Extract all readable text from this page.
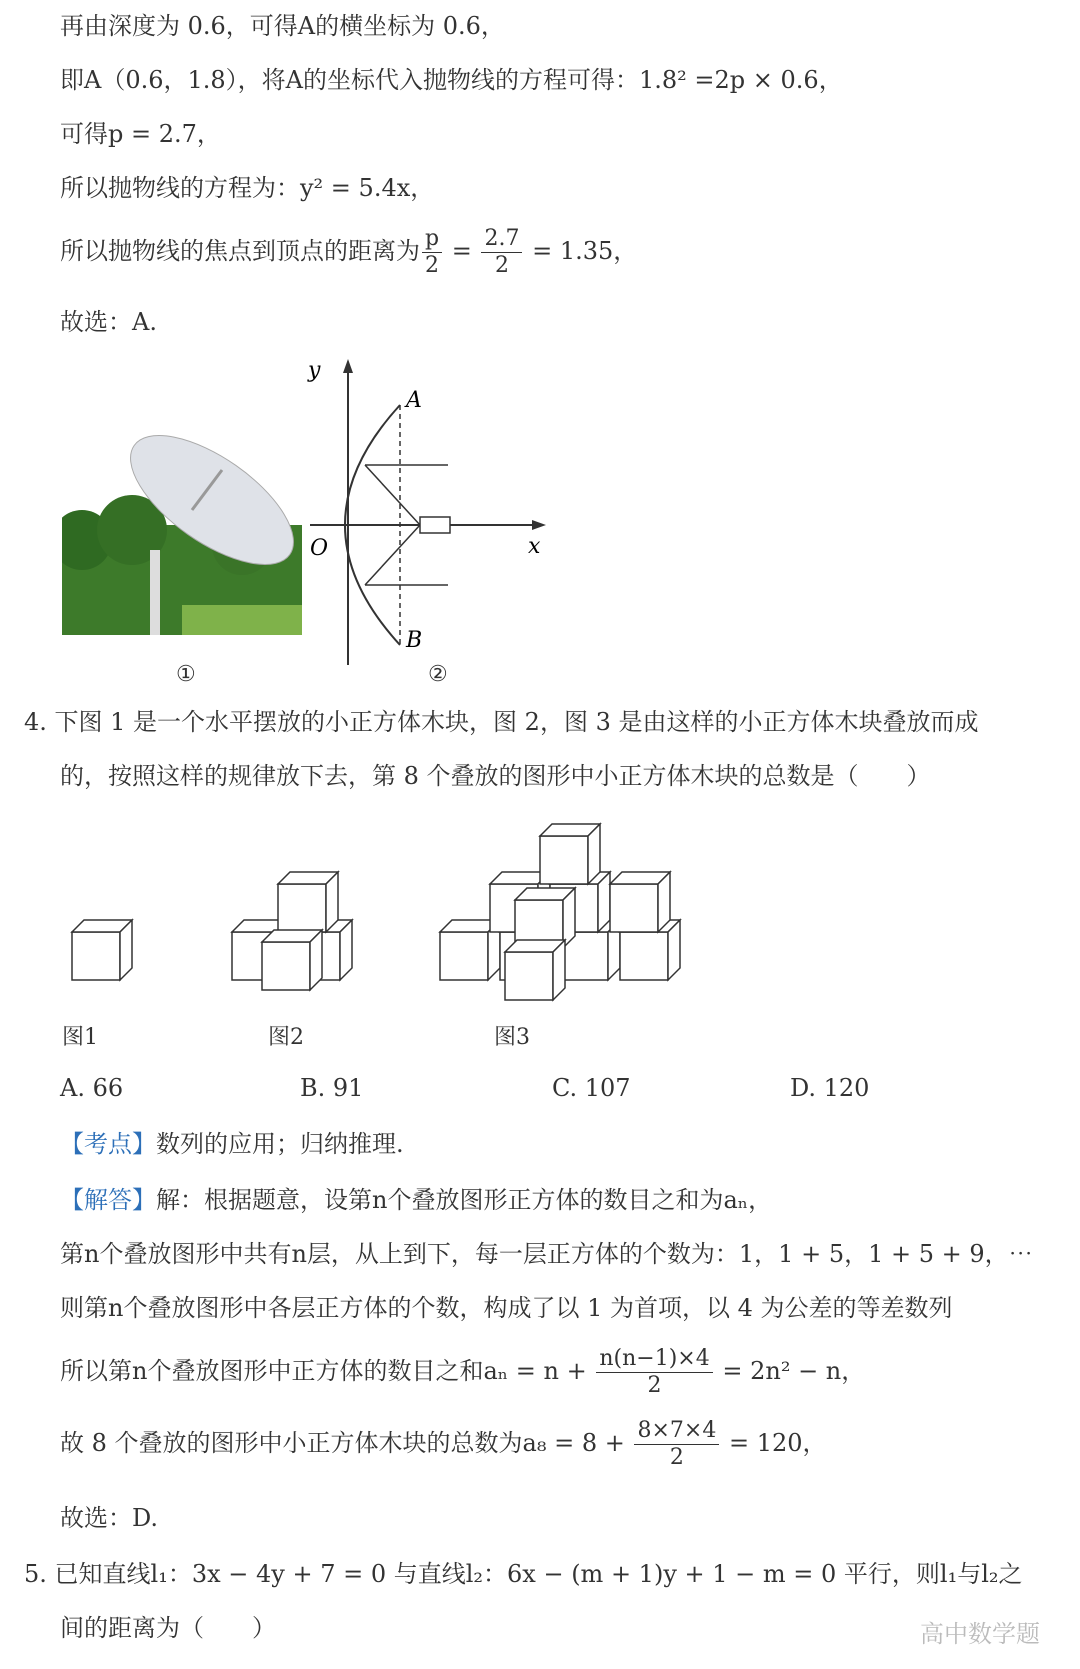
再由深度为 0.6，可得A的横坐标为 0.6，
即A（0.6，1.8），将A的坐标代入抛物线的方程可得：1.8² =2p × 0.6，
可得p = 2.7，
所以抛物线的方程为：y² = 5.4x，
所以抛物线的焦点到顶点的距离为 $\frac{p}{2} = \frac{2.7}{2} = 1.35$，
故选：A.
①
y
x
O
A
B
②
4. 下图 1 是一个水平摆放的小正方体木块，图 2，图 3 是由这样的小正方体木块叠放而成
的，按照这样的规律放下去，第 8 个叠放的图形中小正方体木块的总数是（　　）
图1	图2	图3
A. 66	B. 91	C. 107	D. 120
【考点】数列的应用；归纳推理.
【解答】解：根据题意，设第n个叠放图形正方体的数目之和为aₙ，
第n个叠放图形中共有n层，从上到下，每一层正方体的个数为：1，1 + 5，1 + 5 + 9，⋯
则第n个叠放图形中各层正方体的个数，构成了以 1 为首项，以 4 为公差的等差数列
所以第n个叠放图形中正方体的数目之和$a_n = n + \frac{n(n-1)\times 4}{2} = 2n^2 - n$，
故 8 个叠放的图形中小正方体木块的总数为$a_8 = 8 + \frac{8\times 7\times 4}{2} = 120$，
故选：D.
5. 已知直线l₁：3x − 4y + 7 = 0 与直线l₂：6x − (m + 1)y + 1 − m = 0 平行，则l₁与l₂之
间的距离为（　　）	高中数学题
